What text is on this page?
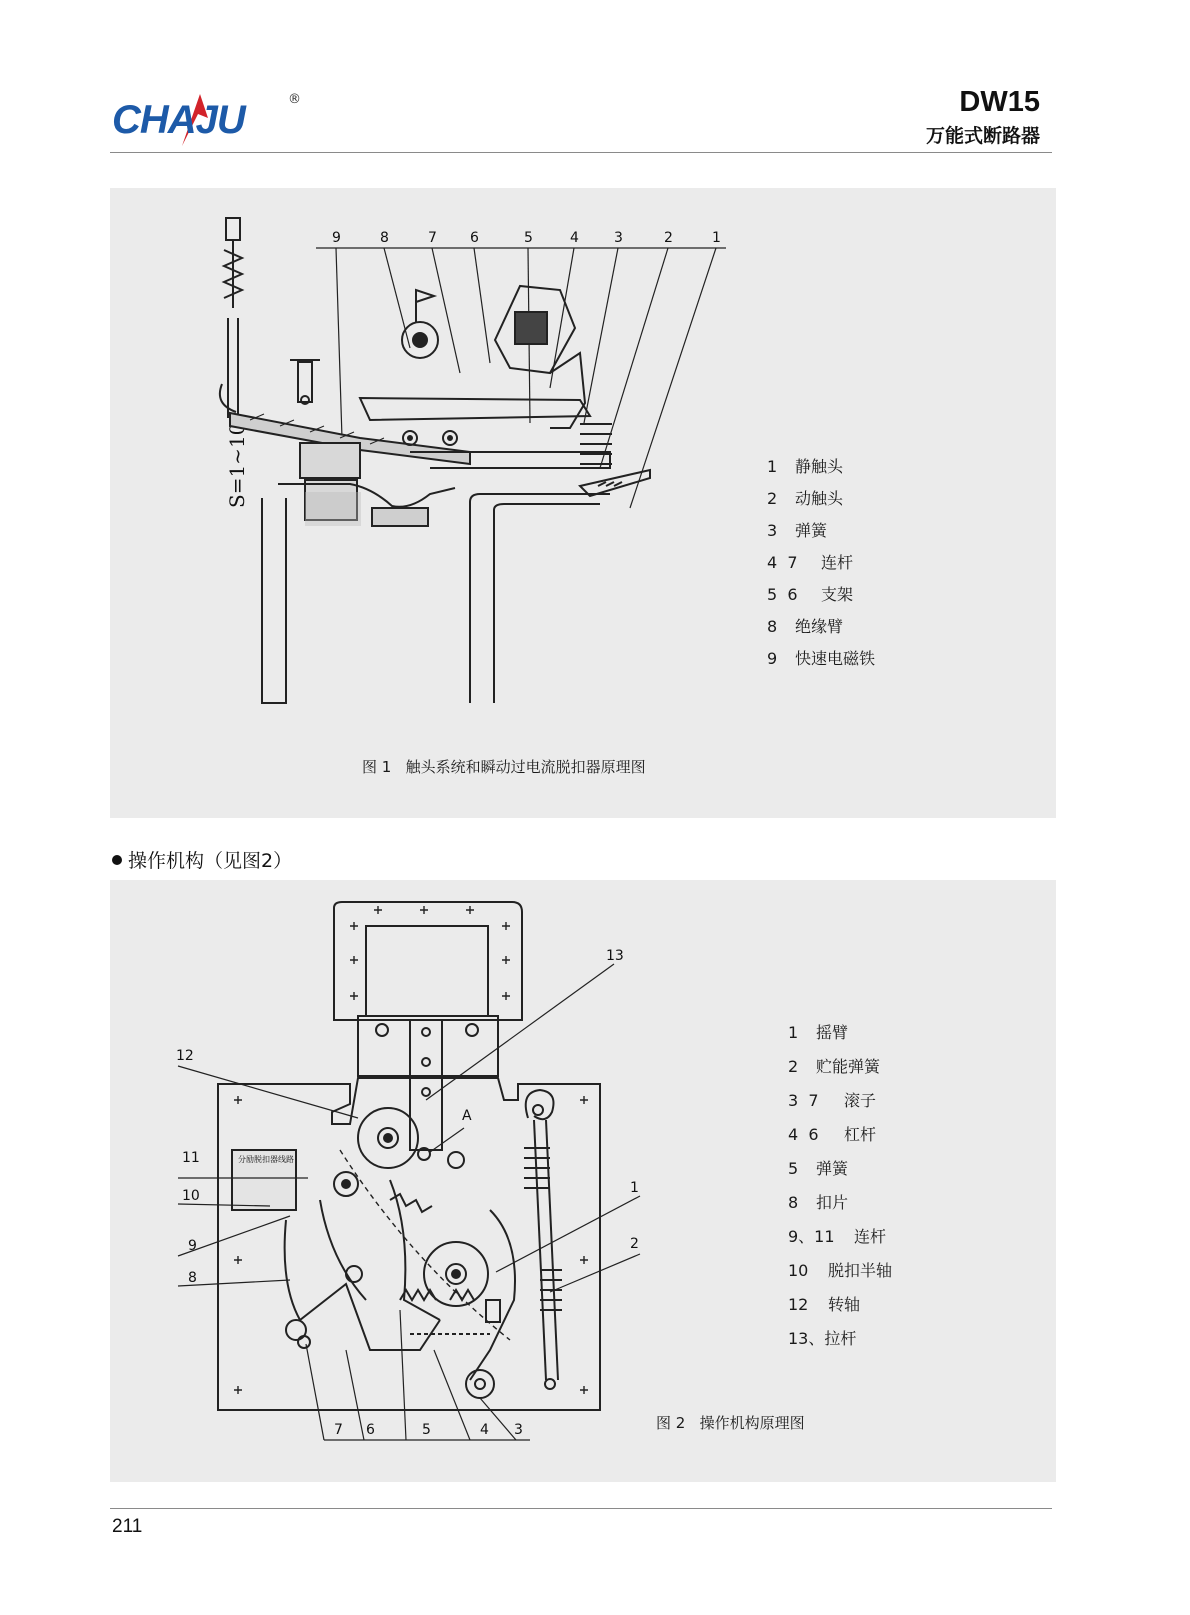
CHAJU	®	DW15
万能式断路器
9	8	7 6	5	4	3	2	1
S=1~10	1 静触头
2 动触头
3 弹簧
4  7 连杆
5  6 支架
8 绝缘臂
9 快速电磁铁
图 1   触头系统和瞬动过电流脱扣器原理图
操作机构（见图2）
分励脱扣器线路
13
12
11
10
9
8
A
1
2
7 6	5	4 3
1 摇臂
2 贮能弹簧
3  7 滚子
4  6 杠杆
5 弹簧
8 扣片
9、11 连杆
10 脱扣半轴
12 转轴
13、拉杆
图 2   操作机构原理图
211
